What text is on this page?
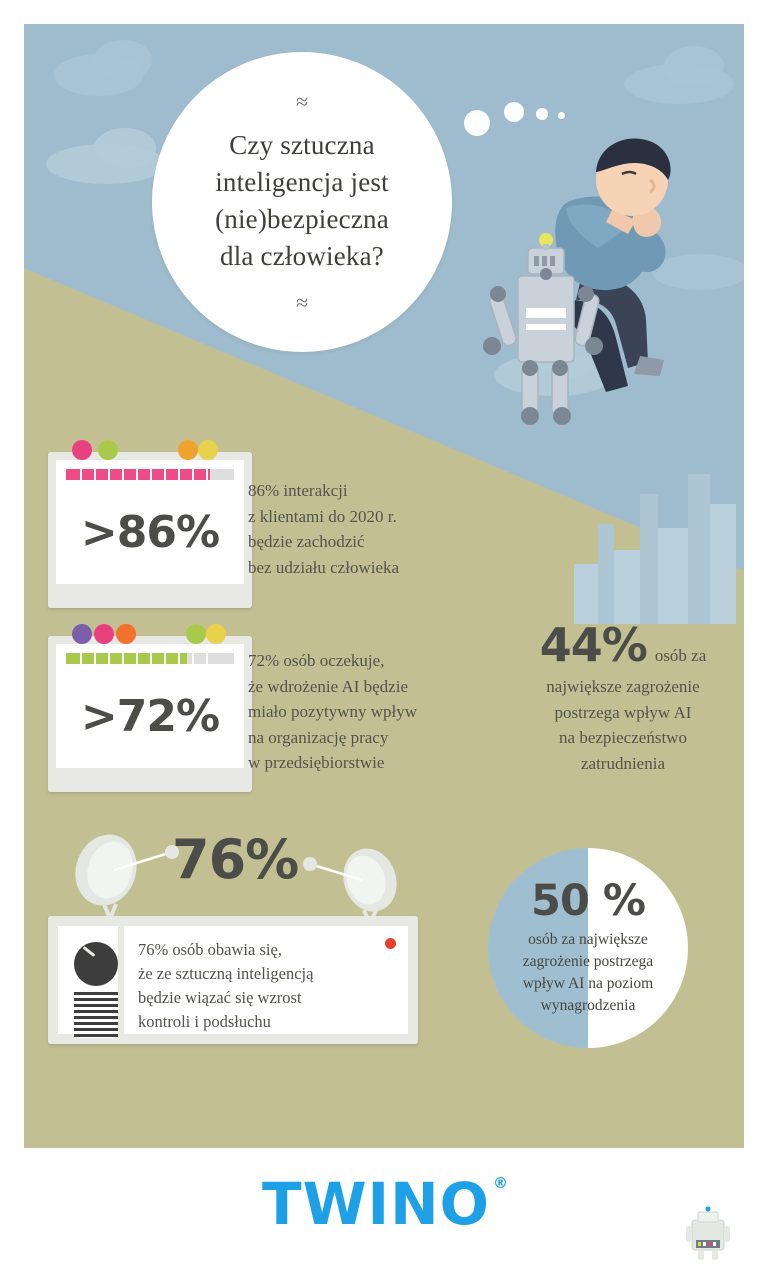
≈
Czy sztuczna
inteligencja jest
(nie)bezpieczna
dla człowieka?
≈
>86%
86% interakcji
z klientami do 2020 r.
będzie zachodzić
bez udziału człowieka
>72%
72% osób oczekuje,
że wdrożenie AI będzie
miało pozytywny wpływ
na organizację pracy
w przedsiębiorstwie
44% osób za
największe zagrożenie
postrzega wpływ AI
na bezpieczeństwo
zatrudnienia
76%

76% osób obawia się,
że ze sztuczną inteligencją
będzie wiązać się wzrost
kontroli i podsłuchu

50 %
osób za największe
zagrożenie postrzega
wpływ AI na poziom
wynagrodzenia
TWINO ®
